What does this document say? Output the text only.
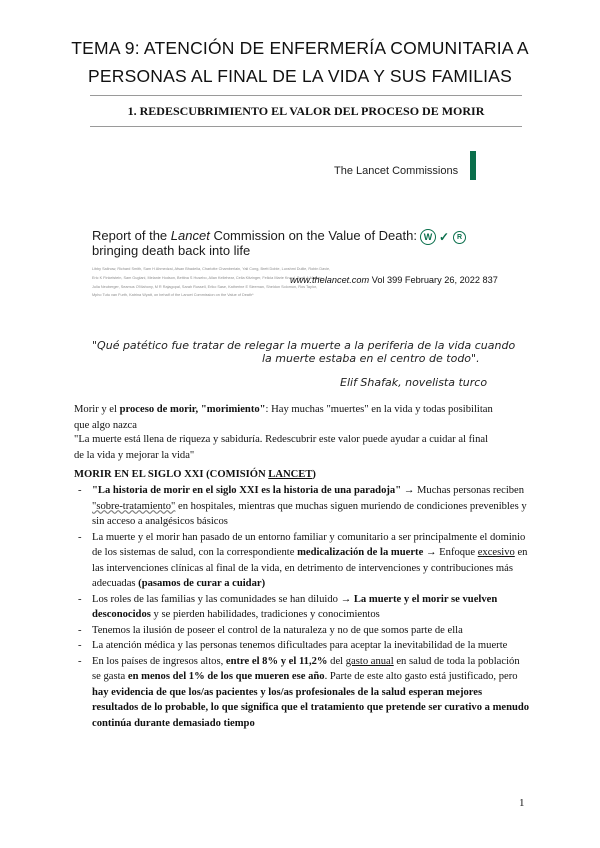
TEMA 9: ATENCIÓN DE ENFERMERÍA COMUNITARIA A
PERSONAS AL FINAL DE LA VIDA Y SUS FAMILIAS
1. REDESCUBRIMIENTO EL VALOR DEL PROCESO DE MORIR
The Lancet Commissions
Report of the Lancet Commission on the Value of Death:
bringing death back into life
W ✓ R
Libby Sallnow, Richard Smith, Sam H Ahmedzai, Afsan Bhadelia, Charlotte Chamberlain, Yali Cong, Brett Doble, Luxshmi Dullie, Robin Davie,
Eric K Finkelstein, Sam Guglani, Melanie Hodson, Bettina S Husebo, Allan Kellehear, Celia Kitzinger, Felicia Marie Knaul, Scott A Murray,
Julia Neuberger, Seamus O'Mahony, M R Rajagopal, Sarah Russell, Eriko Sase, Katherine E Sleeman, Sheldon Solomon, Ros Taylor,
Mpho Tutu van Furth, Katrina Wyatt, on behalf of the Lancet Commission on the Value of Death*
www.thelancet.com Vol 399 February 26, 2022 837
"Qué patético fue tratar de relegar la muerte a la periferia de la vida cuando
la muerte estaba en el centro de todo".
Elif Shafak, novelista turco
Morir y el proceso de morir, "morimiento": Hay muchas "muertes" en la vida y todas posibilitan
que algo nazca
"La muerte está llena de riqueza y sabiduría. Redescubrir este valor puede ayudar a cuidar al final
de la vida y mejorar la vida"
MORIR EN EL SIGLO XXI (COMISIÓN LANCET)
- "La historia de morir en el siglo XXI es la historia de una paradoja" → Muchas personas reciben "sobre-tratamiento" en hospitales, mientras que muchas siguen muriendo de condiciones prevenibles y sin acceso a analgésicos básicos
- La muerte y el morir han pasado de un entorno familiar y comunitario a ser principalmente el dominio de los sistemas de salud, con la correspondiente medicalización de la muerte → Enfoque excesivo en las intervenciones clínicas al final de la vida, en detrimento de intervenciones y contribuciones más adecuadas (pasamos de curar a cuidar)
- Los roles de las familias y las comunidades se han diluido → La muerte y el morir se vuelven desconocidos y se pierden habilidades, tradiciones y conocimientos
- Tenemos la ilusión de poseer el control de la naturaleza y no de que somos parte de ella
- La atención médica y las personas tenemos dificultades para aceptar la inevitabilidad de la muerte
- En los países de ingresos altos, entre el 8% y el 11,2% del gasto anual en salud de toda la población se gasta en menos del 1% de los que mueren ese año. Parte de este alto gasto está justificado, pero hay evidencia de que los/as pacientes y los/as profesionales de la salud esperan mejores resultados de lo probable, lo que significa que el tratamiento que pretende ser curativo a menudo continúa durante demasiado tiempo
1
